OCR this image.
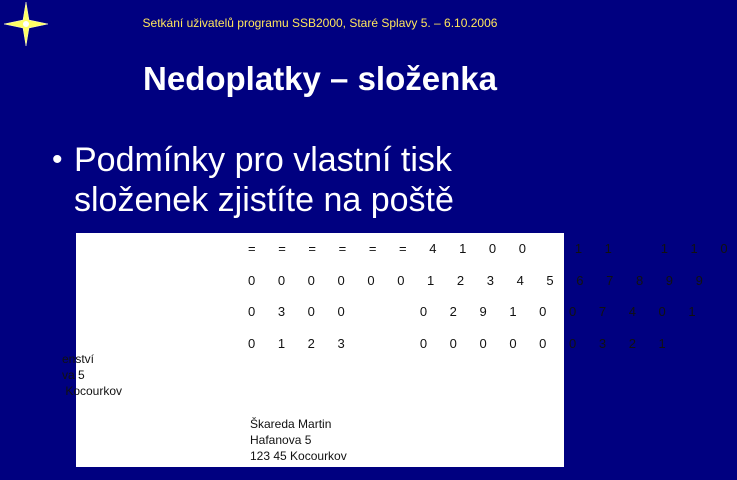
Setkání uživatelů programu SSB2000, Staré Splavy 5. – 6.10.2006
Nedoplatky – složenka
• Podmínky pro vlastní tisk
složenek zjistíte na poště
= = = = = = 4 1 0 0   1 1   1 1 0
0 0 0 0 0 0 1 2 3 4 5 6 7 8 9 9
0 3 0 0     0 2 9 1 0 0 7 4 0 1
0 1 2 3     0 0 0 0 0 0 3 2 1
enství
va 5
Kocourkov
Škareda Martin
Hafanova 5
123 45 Kocourkov
